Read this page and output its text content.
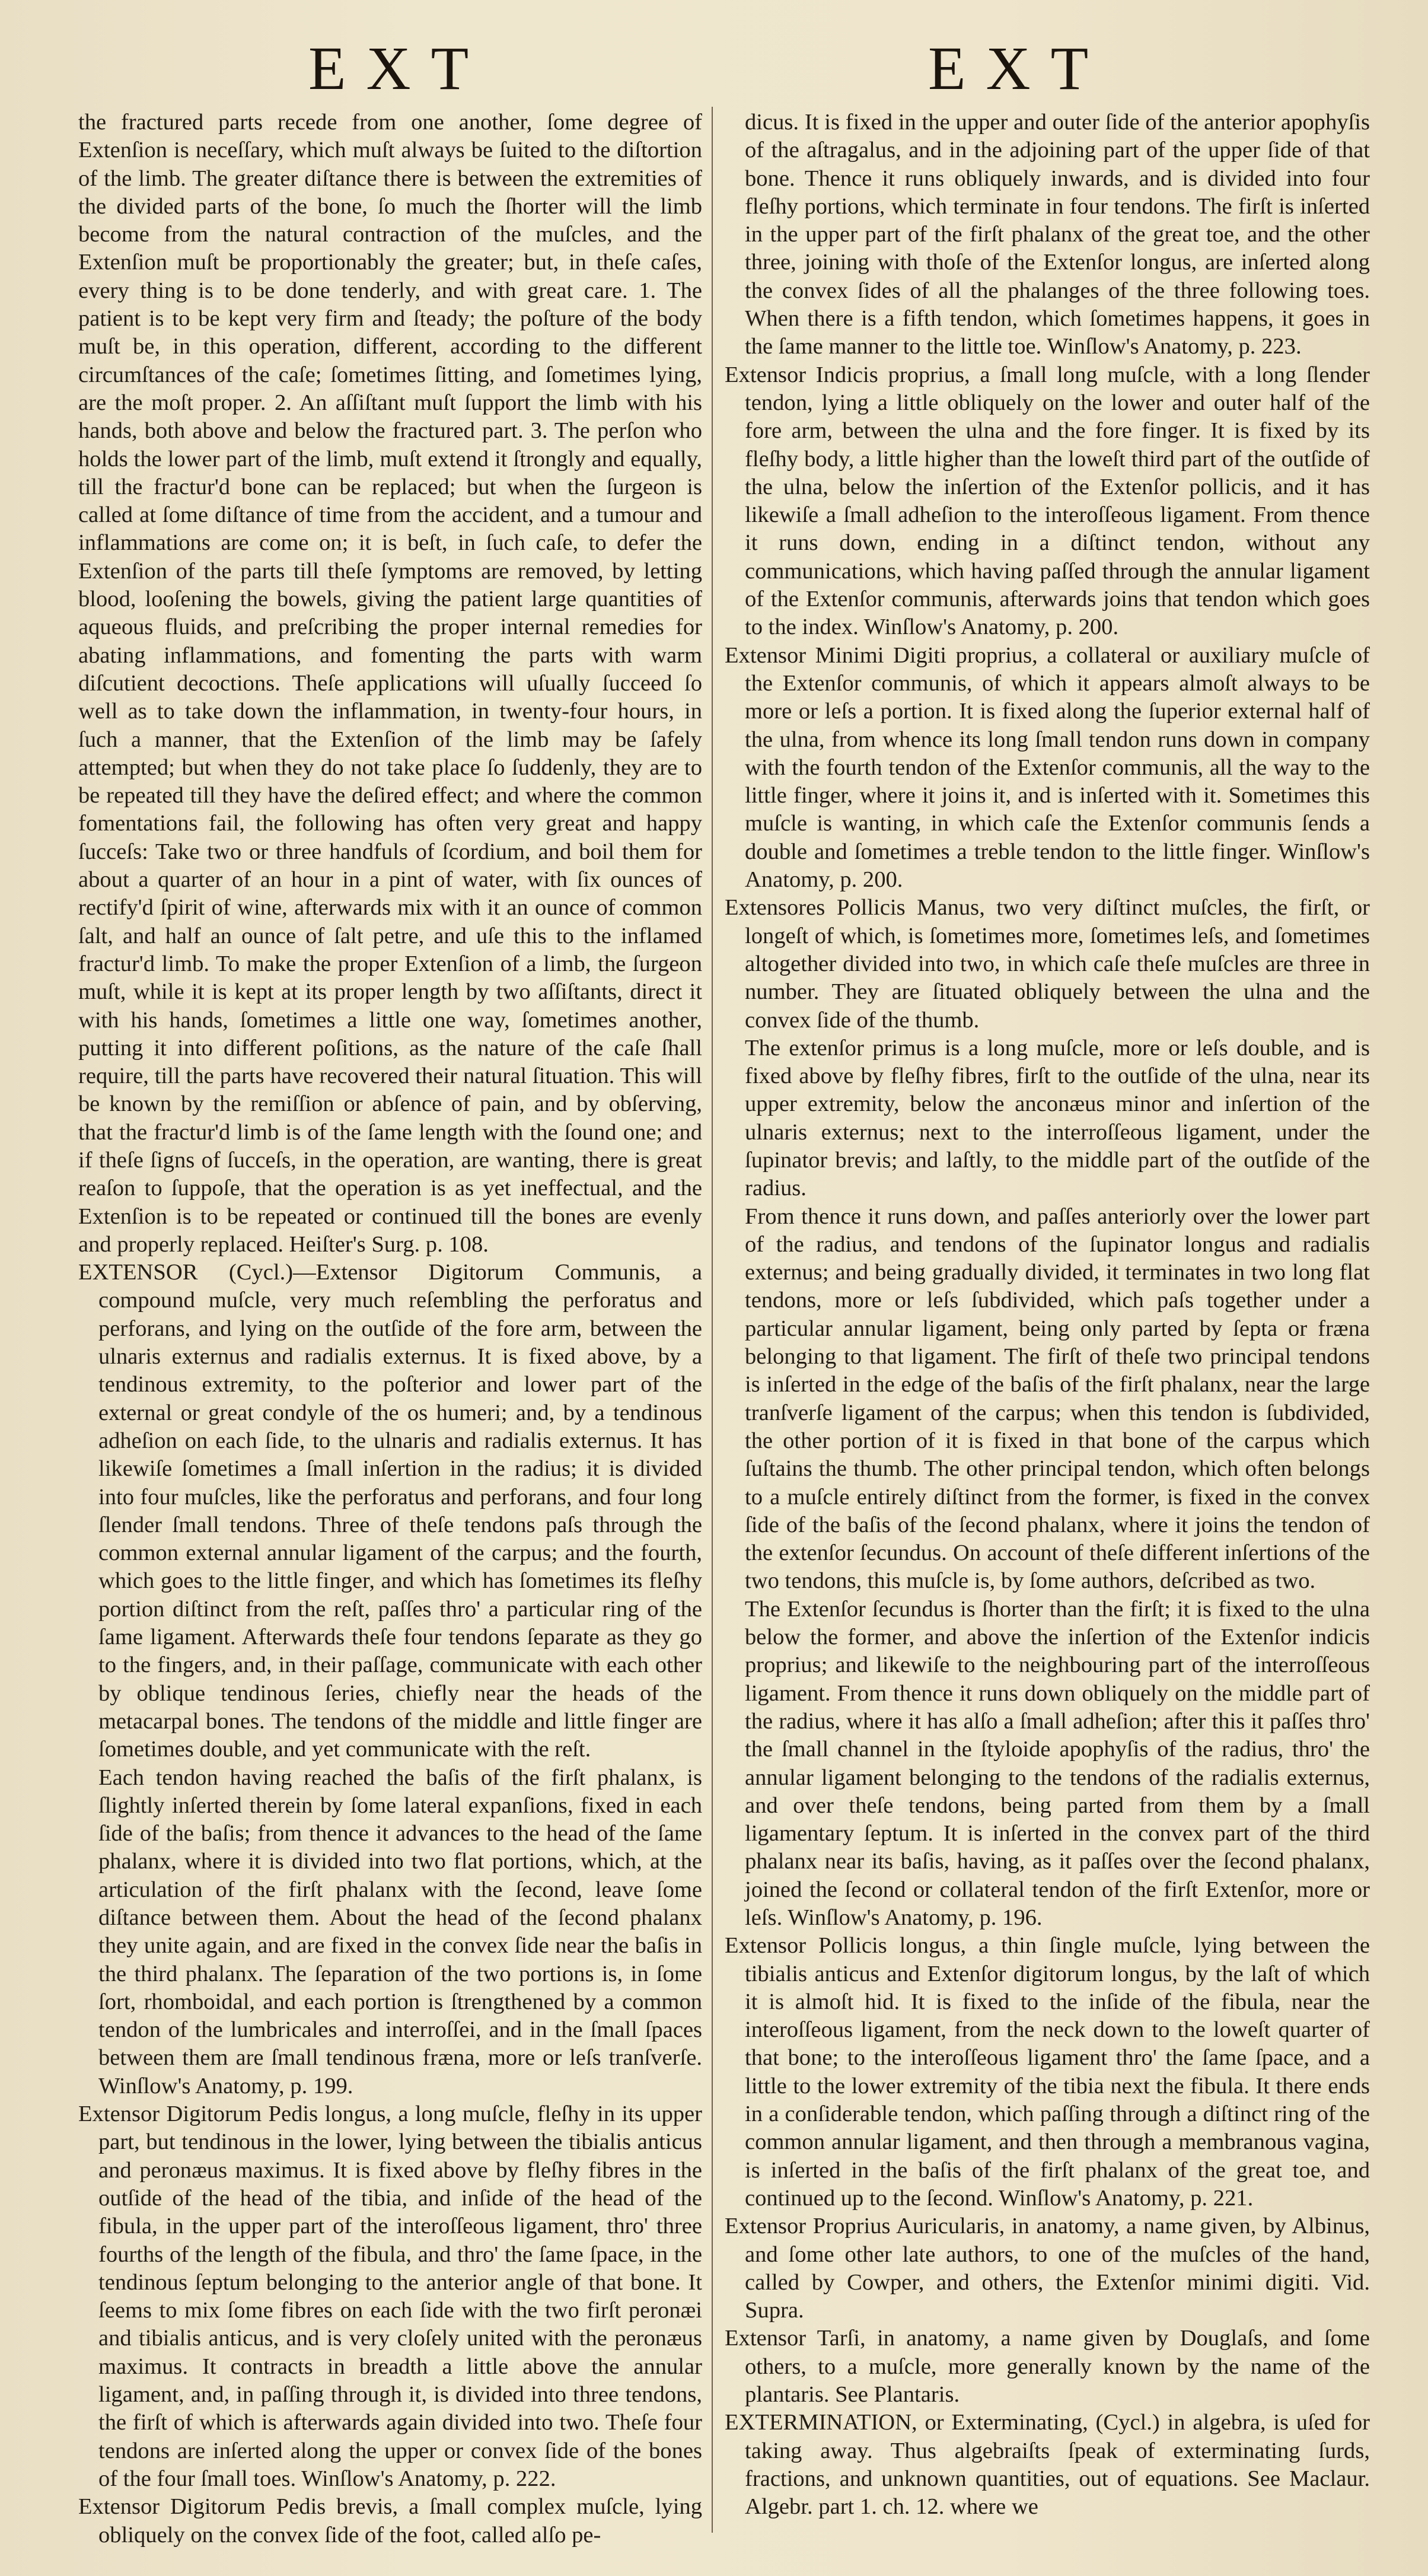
EXT	EXT

the fractured parts recede from one another, ſome degree of Extenſion is neceſſary, which muſt always be ſuited to the diſtortion of the limb. The greater diſtance there is between the extremities of the divided parts of the bone, ſo much the ſhorter will the limb become from the natural contraction of the muſcles, and the Extenſion muſt be proportionably the greater; but, in theſe caſes, every thing is to be done tenderly, and with great care. 1. The patient is to be kept very firm and ſteady; the poſture of the body muſt be, in this operation, different, according to the different circumſtances of the caſe; ſometimes ſitting, and ſometimes lying, are the moſt proper. 2. An aſſiſtant muſt ſupport the limb with his hands, both above and below the fractured part. 3. The perſon who holds the lower part of the limb, muſt extend it ſtrongly and equally, till the fractur'd bone can be replaced; but when the ſurgeon is called at ſome diſtance of time from the accident, and a tumour and inflammations are come on; it is beſt, in ſuch caſe, to defer the Extenſion of the parts till theſe ſymptoms are removed, by letting blood, looſening the bowels, giving the patient large quantities of aqueous fluids, and preſcribing the proper internal remedies for abating inflammations, and fomenting the parts with warm diſcutient decoctions. Theſe applications will uſually ſucceed ſo well as to take down the inflammation, in twenty-four hours, in ſuch a manner, that the Extenſion of the limb may be ſafely attempted; but when they do not take place ſo ſuddenly, they are to be repeated till they have the deſired effect; and where the common fomentations fail, the following has often very great and happy ſucceſs: Take two or three handfuls of ſcordium, and boil them for about a quarter of an hour in a pint of water, with ſix ounces of rectify'd ſpirit of wine, afterwards mix with it an ounce of common ſalt, and half an ounce of ſalt petre, and uſe this to the inflamed fractur'd limb. To make the proper Extenſion of a limb, the ſurgeon muſt, while it is kept at its proper length by two aſſiſtants, direct it with his hands, ſometimes a little one way, ſometimes another, putting it into different poſitions, as the nature of the caſe ſhall require, till the parts have recovered their natural ſituation. This will be known by the remiſſion or abſence of pain, and by obſerving, that the fractur'd limb is of the ſame length with the ſound one; and if theſe ſigns of ſucceſs, in the operation, are wanting, there is great reaſon to ſuppoſe, that the operation is as yet ineffectual, and the Extenſion is to be repeated or continued till the bones are evenly and properly replaced. Heiſter's Surg. p. 108.

EXTENSOR (Cycl.)—Extensor Digitorum Communis, a compound muſcle, very much reſembling the perforatus and perforans, and lying on the outſide of the fore arm, between the ulnaris externus and radialis externus. It is fixed above, by a tendinous extremity, to the poſterior and lower part of the external or great condyle of the os humeri; and, by a tendinous adheſion on each ſide, to the ulnaris and radialis externus. It has likewiſe ſometimes a ſmall inſertion in the radius; it is divided into four muſcles, like the perforatus and perforans, and four long ſlender ſmall tendons. Three of theſe tendons paſs through the common external annular ligament of the carpus; and the fourth, which goes to the little finger, and which has ſometimes its fleſhy portion diſtinct from the reſt, paſſes thro' a particular ring of the ſame ligament. Afterwards theſe four tendons ſeparate as they go to the fingers, and, in their paſſage, communicate with each other by oblique tendinous ſeries, chiefly near the heads of the metacarpal bones. The tendons of the middle and little finger are ſometimes double, and yet communicate with the reſt.

Each tendon having reached the baſis of the firſt phalanx, is ſlightly inſerted therein by ſome lateral expanſions, fixed in each ſide of the baſis; from thence it advances to the head of the ſame phalanx, where it is divided into two flat portions, which, at the articulation of the firſt phalanx with the ſecond, leave ſome diſtance between them. About the head of the ſecond phalanx they unite again, and are fixed in the convex ſide near the baſis in the third phalanx. The ſeparation of the two portions is, in ſome ſort, rhomboidal, and each portion is ſtrengthened by a common tendon of the lumbricales and interroſſei, and in the ſmall ſpaces between them are ſmall tendinous fræna, more or leſs tranſverſe. Winſlow's Anatomy, p. 199.

Extensor Digitorum Pedis longus, a long muſcle, fleſhy in its upper part, but tendinous in the lower, lying between the tibialis anticus and peronæus maximus. It is fixed above by fleſhy fibres in the outſide of the head of the tibia, and inſide of the head of the fibula, in the upper part of the interoſſeous ligament, thro' three fourths of the length of the fibula, and thro' the ſame ſpace, in the tendinous ſeptum belonging to the anterior angle of that bone. It ſeems to mix ſome fibres on each ſide with the two firſt peronæi and tibialis anticus, and is very cloſely united with the peronæus maximus. It contracts in breadth a little above the annular ligament, and, in paſſing through it, is divided into three tendons, the firſt of which is afterwards again divided into two. Theſe four tendons are inſerted along the upper or convex ſide of the bones of the four ſmall toes. Winſlow's Anatomy, p. 222.

Extensor Digitorum Pedis brevis, a ſmall complex muſcle, lying obliquely on the convex ſide of the foot, called alſo pe-

dicus. It is fixed in the upper and outer ſide of the anterior apophyſis of the aſtragalus, and in the adjoining part of the upper ſide of that bone. Thence it runs obliquely inwards, and is divided into four fleſhy portions, which terminate in four tendons. The firſt is inſerted in the upper part of the firſt phalanx of the great toe, and the other three, joining with thoſe of the Extenſor longus, are inſerted along the convex ſides of all the phalanges of the three following toes. When there is a fifth tendon, which ſometimes happens, it goes in the ſame manner to the little toe. Winſlow's Anatomy, p. 223.

Extensor Indicis proprius, a ſmall long muſcle, with a long ſlender tendon, lying a little obliquely on the lower and outer half of the fore arm, between the ulna and the fore finger. It is fixed by its fleſhy body, a little higher than the loweſt third part of the outſide of the ulna, below the inſertion of the Extenſor pollicis, and it has likewiſe a ſmall adheſion to the interoſſeous ligament. From thence it runs down, ending in a diſtinct tendon, without any communications, which having paſſed through the annular ligament of the Extenſor communis, afterwards joins that tendon which goes to the index. Winſlow's Anatomy, p. 200.

Extensor Minimi Digiti proprius, a collateral or auxiliary muſcle of the Extenſor communis, of which it appears almoſt always to be more or leſs a portion. It is fixed along the ſuperior external half of the ulna, from whence its long ſmall tendon runs down in company with the fourth tendon of the Extenſor communis, all the way to the little finger, where it joins it, and is inſerted with it. Sometimes this muſcle is wanting, in which caſe the Extenſor communis ſends a double and ſometimes a treble tendon to the little finger. Winſlow's Anatomy, p. 200.

Extensores Pollicis Manus, two very diſtinct muſcles, the firſt, or longeſt of which, is ſometimes more, ſometimes leſs, and ſometimes altogether divided into two, in which caſe theſe muſcles are three in number. They are ſituated obliquely between the ulna and the convex ſide of the thumb.

The extenſor primus is a long muſcle, more or leſs double, and is fixed above by fleſhy fibres, firſt to the outſide of the ulna, near its upper extremity, below the anconæus minor and inſertion of the ulnaris externus; next to the interroſſeous ligament, under the ſupinator brevis; and laſtly, to the middle part of the outſide of the radius.

From thence it runs down, and paſſes anteriorly over the lower part of the radius, and tendons of the ſupinator longus and radialis externus; and being gradually divided, it terminates in two long flat tendons, more or leſs ſubdivided, which paſs together under a particular annular ligament, being only parted by ſepta or fræna belonging to that ligament. The firſt of theſe two principal tendons is inſerted in the edge of the baſis of the firſt phalanx, near the large tranſverſe ligament of the carpus; when this tendon is ſubdivided, the other portion of it is fixed in that bone of the carpus which ſuſtains the thumb. The other principal tendon, which often belongs to a muſcle entirely diſtinct from the former, is fixed in the convex ſide of the baſis of the ſecond phalanx, where it joins the tendon of the extenſor ſecundus. On account of theſe different inſertions of the two tendons, this muſcle is, by ſome authors, deſcribed as two.

The Extenſor ſecundus is ſhorter than the firſt; it is fixed to the ulna below the former, and above the inſertion of the Extenſor indicis proprius; and likewiſe to the neighbouring part of the interroſſeous ligament. From thence it runs down obliquely on the middle part of the radius, where it has alſo a ſmall adheſion; after this it paſſes thro' the ſmall channel in the ſtyloide apophyſis of the radius, thro' the annular ligament belonging to the tendons of the radialis externus, and over theſe tendons, being parted from them by a ſmall ligamentary ſeptum. It is inſerted in the convex part of the third phalanx near its baſis, having, as it paſſes over the ſecond phalanx, joined the ſecond or collateral tendon of the firſt Extenſor, more or leſs. Winſlow's Anatomy, p. 196.

Extensor Pollicis longus, a thin ſingle muſcle, lying between the tibialis anticus and Extenſor digitorum longus, by the laſt of which it is almoſt hid. It is fixed to the inſide of the fibula, near the interoſſeous ligament, from the neck down to the loweſt quarter of that bone; to the interoſſeous ligament thro' the ſame ſpace, and a little to the lower extremity of the tibia next the fibula. It there ends in a conſiderable tendon, which paſſing through a diſtinct ring of the common annular ligament, and then through a membranous vagina, is inſerted in the baſis of the firſt phalanx of the great toe, and continued up to the ſecond. Winſlow's Anatomy, p. 221.

Extensor Proprius Auricularis, in anatomy, a name given, by Albinus, and ſome other late authors, to one of the muſcles of the hand, called by Cowper, and others, the Extenſor minimi digiti. Vid. Supra.

Extensor Tarſi, in anatomy, a name given by Douglaſs, and ſome others, to a muſcle, more generally known by the name of the plantaris. See Plantaris.

EXTERMINATION, or Exterminating, (Cycl.) in algebra, is uſed for taking away. Thus algebraiſts ſpeak of exterminating ſurds, fractions, and unknown quantities, out of equations. See Maclaur. Algebr. part 1. ch. 12. where we
